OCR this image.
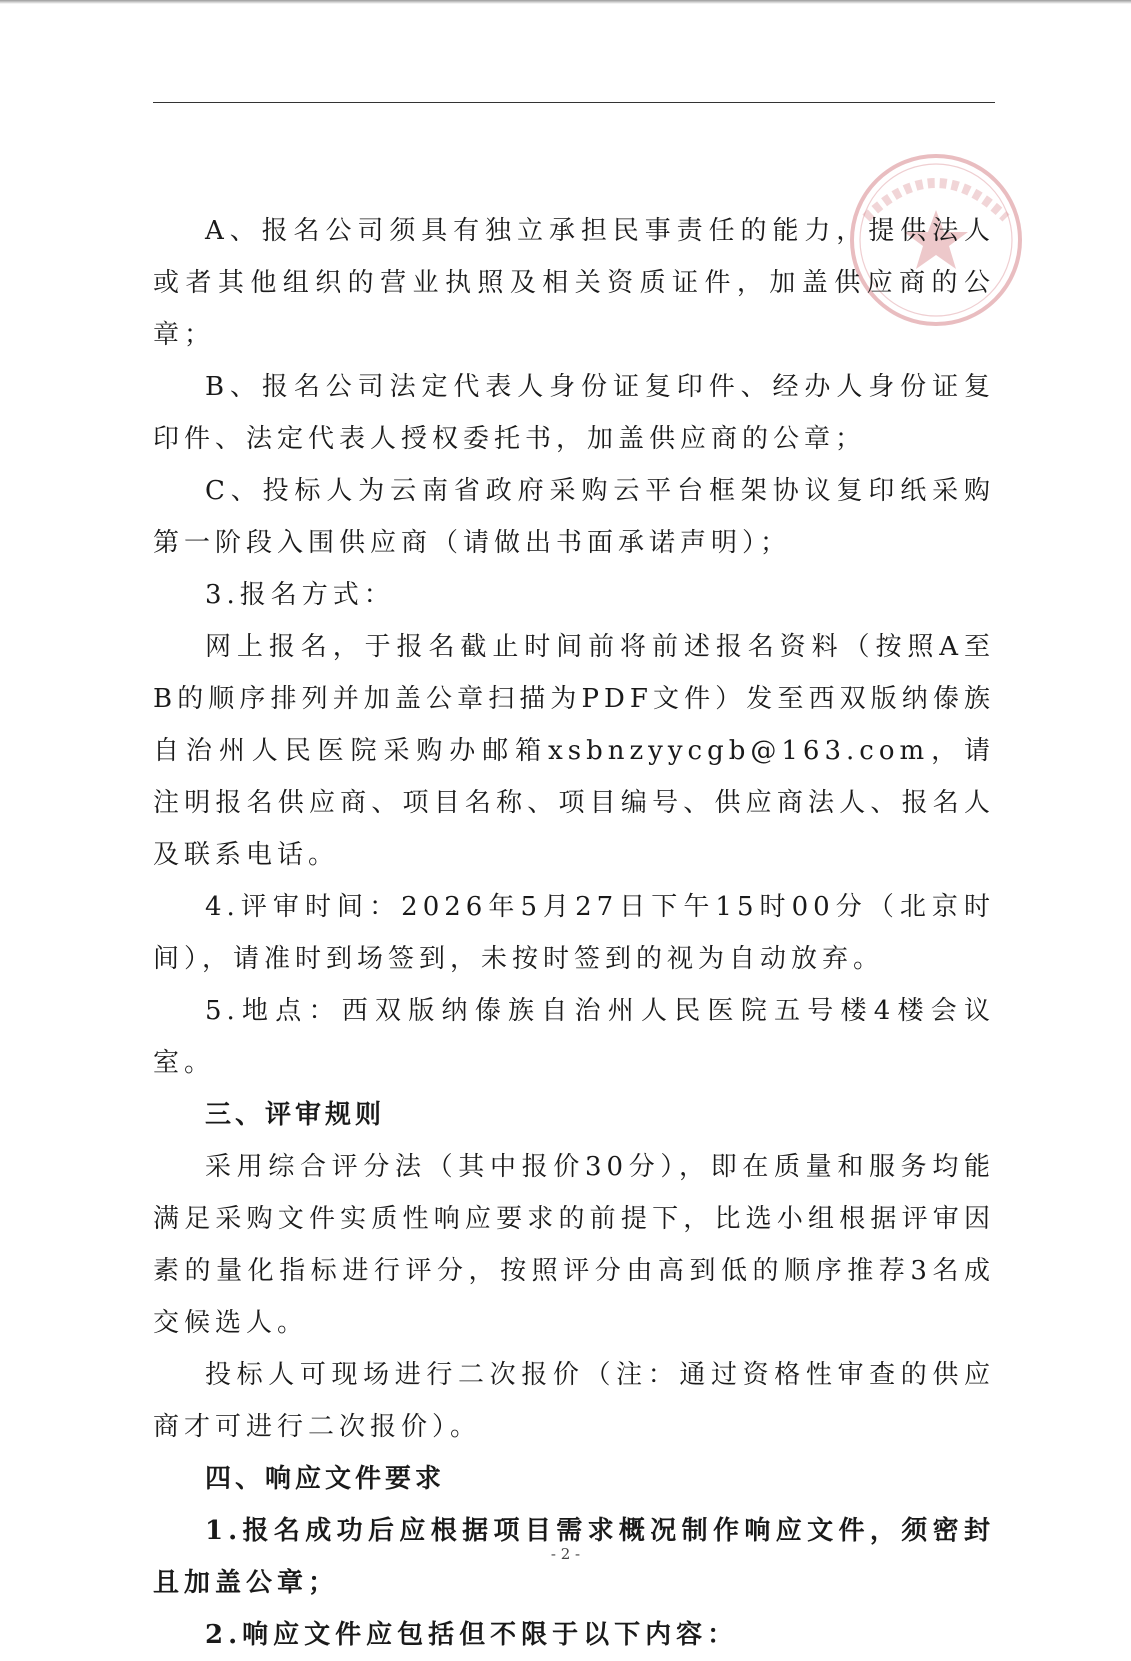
A、报名公司须具有独立承担民事责任的能力，提供法人或者其他组织的营业执照及相关资质证件，加盖供应商的公章；

B、报名公司法定代表人身份证复印件、经办人身份证复印件、法定代表人授权委托书，加盖供应商的公章；

C、投标人为云南省政府采购云平台框架协议复印纸采购第一阶段入围供应商（请做出书面承诺声明）；

3.报名方式：

网上报名，于报名截止时间前将前述报名资料（按照A至B的顺序排列并加盖公章扫描为PDF文件）发至西双版纳傣族自治州人民医院采购办邮箱xsbnzyycgb@163.com，请注明报名供应商、项目名称、项目编号、供应商法人、报名人及联系电话。

4.评审时间：2026年5月27日下午15时00分（北京时间），请准时到场签到，未按时签到的视为自动放弃。

5.地点：西双版纳傣族自治州人民医院五号楼4楼会议室。

三、评审规则

采用综合评分法（其中报价30分），即在质量和服务均能满足采购文件实质性响应要求的前提下，比选小组根据评审因素的量化指标进行评分，按照评分由高到低的顺序推荐3名成交候选人。

投标人可现场进行二次报价（注：通过资格性审查的供应商才可进行二次报价）。

四、响应文件要求

1.报名成功后应根据项目需求概况制作响应文件，须密封且加盖公章；

2.响应文件应包括但不限于以下内容：

- 2 -
